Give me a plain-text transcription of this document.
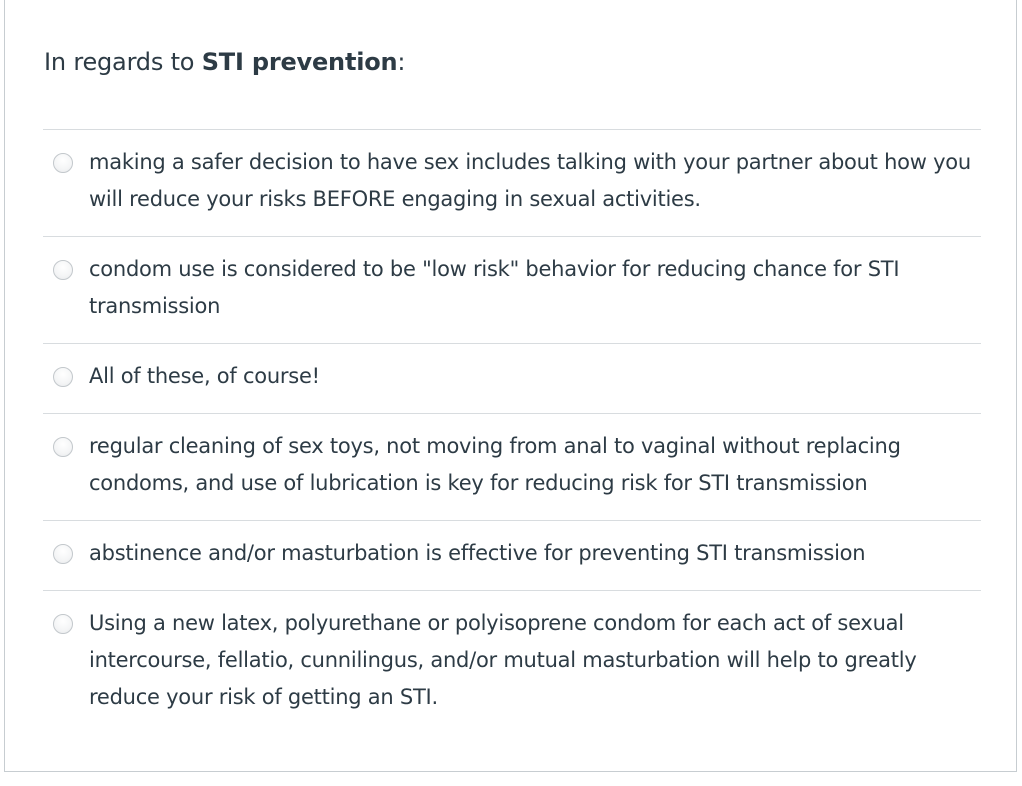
In regards to STI prevention:
making a safer decision to have sex includes talking with your partner about how you will reduce your risks BEFORE engaging in sexual activities.
condom use is considered to be "low risk" behavior for reducing chance for STI transmission
All of these, of course!
regular cleaning of sex toys, not moving from anal to vaginal without replacing condoms, and use of lubrication is key for reducing risk for STI transmission
abstinence and/or masturbation is effective for preventing STI transmission
Using a new latex, polyurethane or polyisoprene condom for each act of sexual intercourse, fellatio, cunnilingus, and/or mutual masturbation will help to greatly reduce your risk of getting an STI.
